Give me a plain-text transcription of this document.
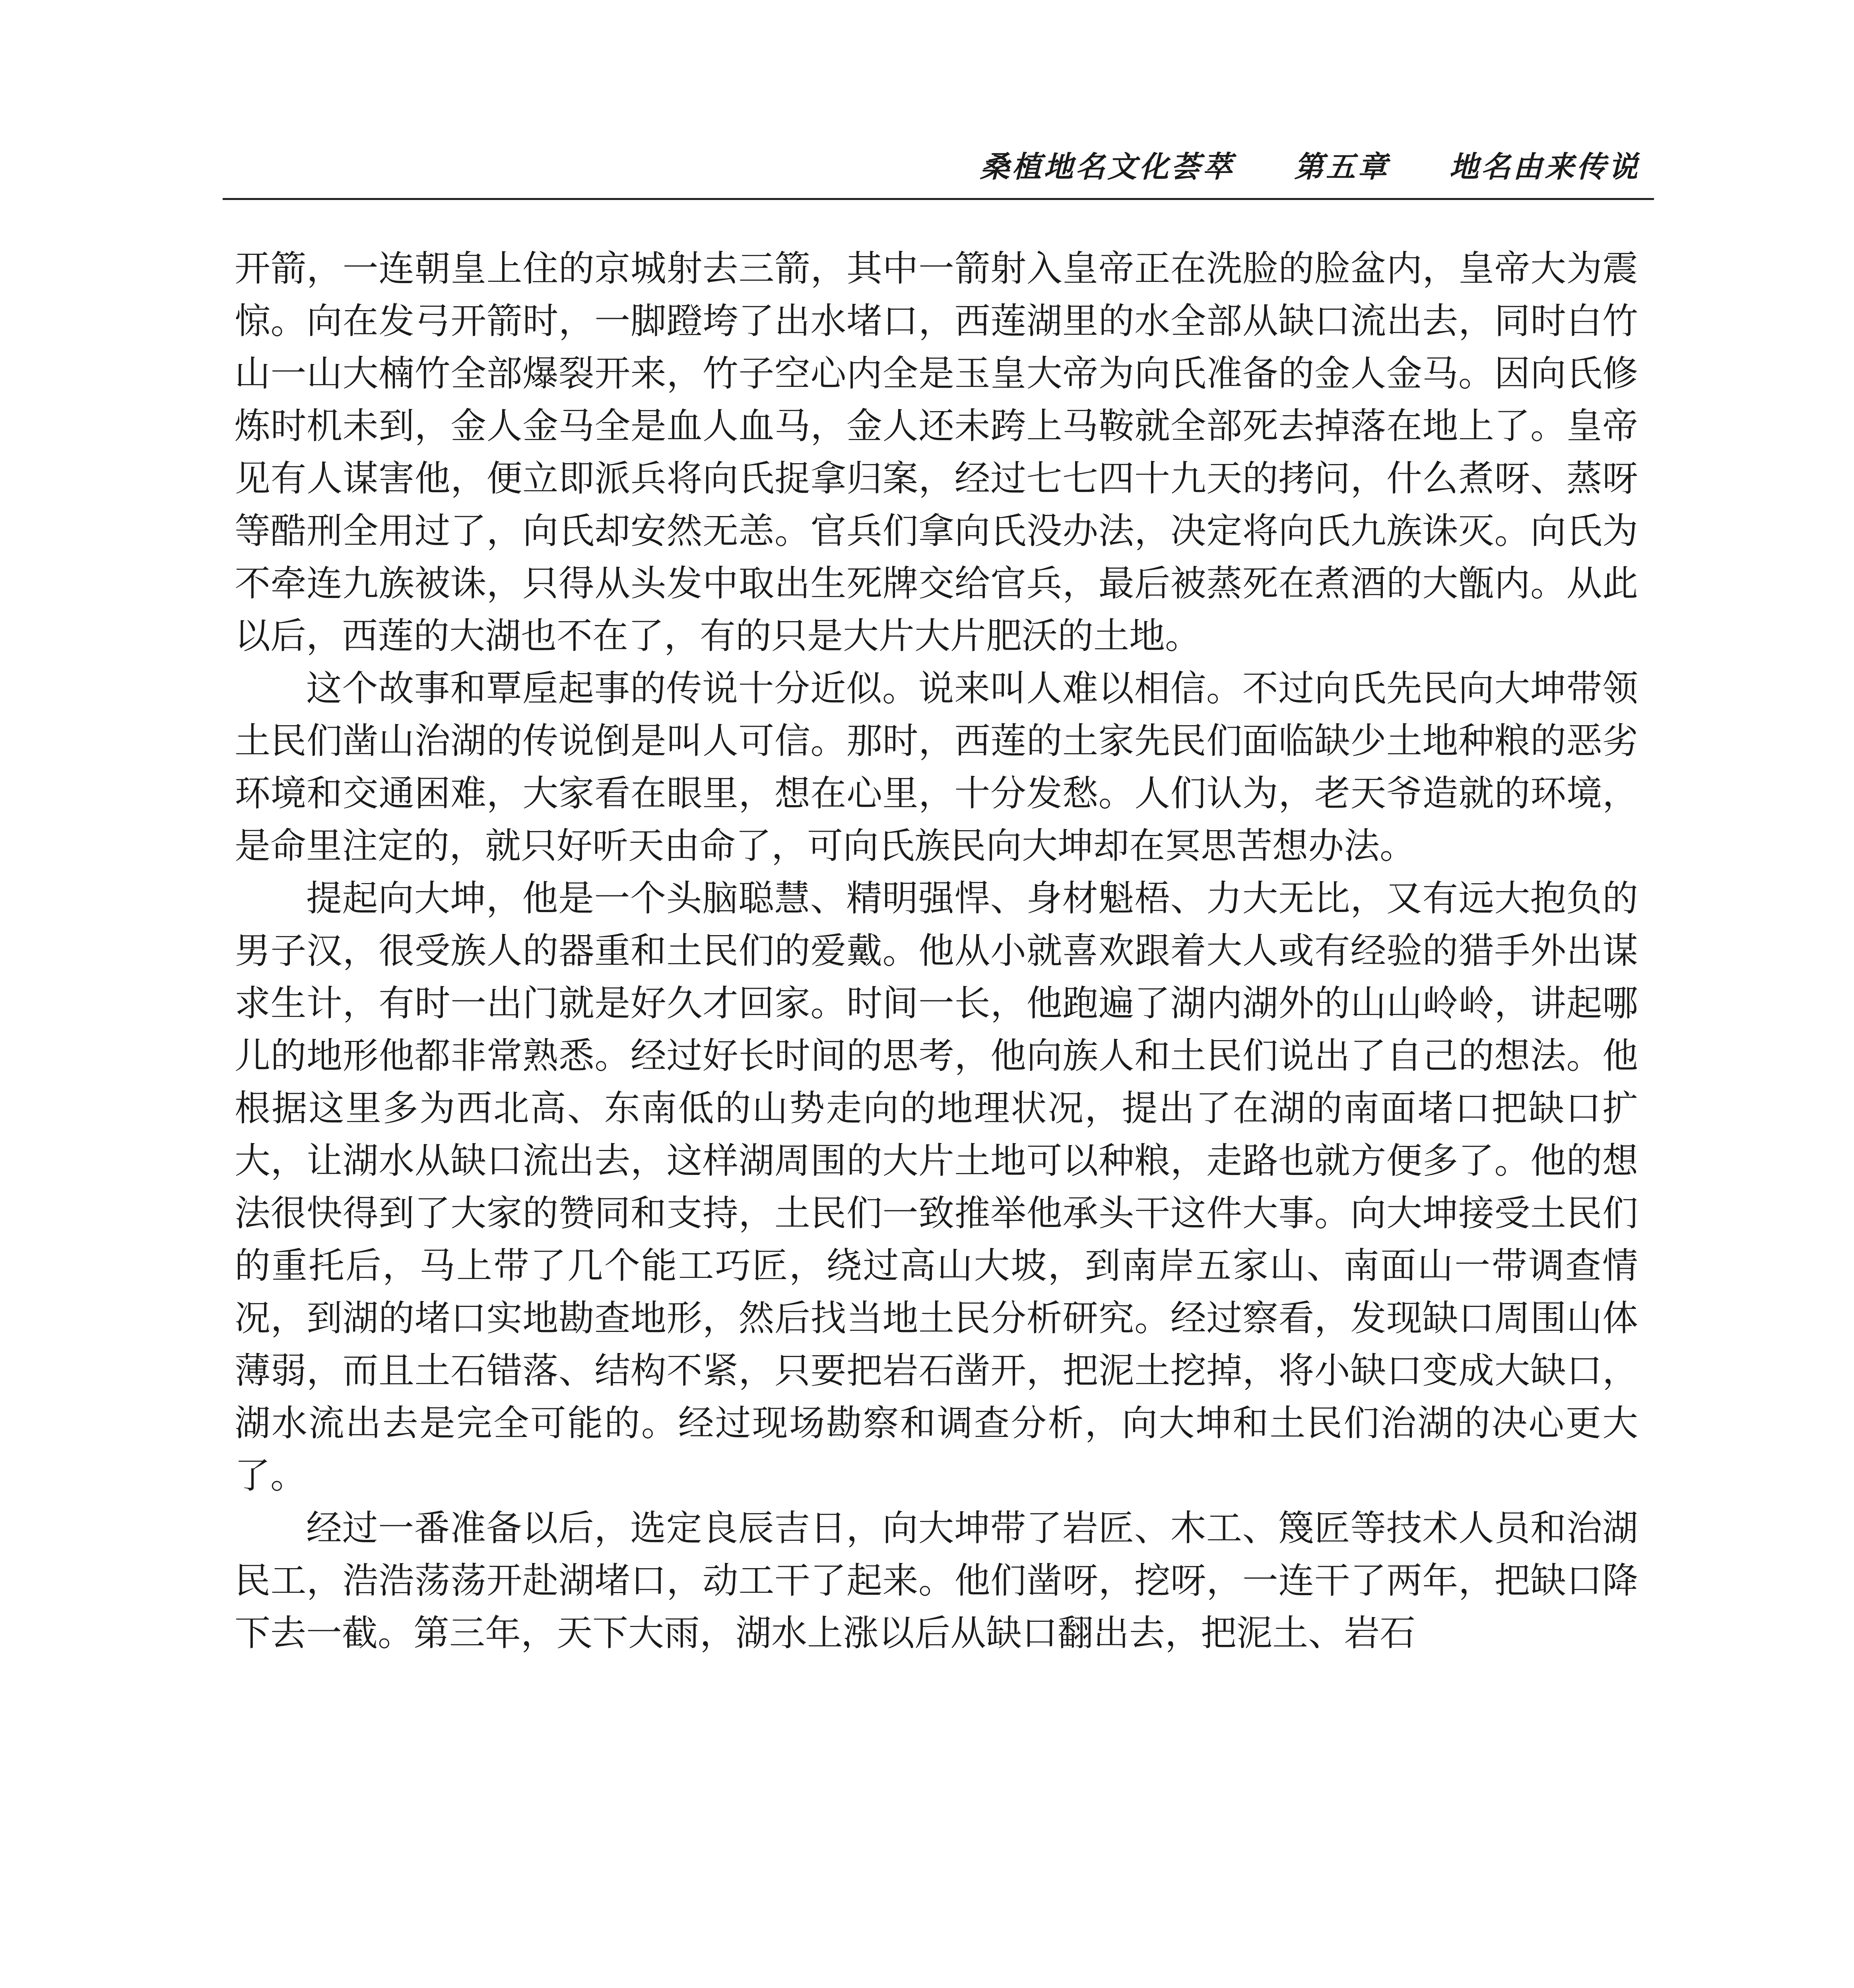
桑植地名文化荟萃 第五章 地名由来传说

开箭，一连朝皇上住的京城射去三箭，其中一箭射入皇帝正在洗脸的脸盆内，皇帝大为震惊。向在发弓开箭时，一脚蹬垮了出水堵口，西莲湖里的水全部从缺口流出去，同时白竹山一山大楠竹全部爆裂开来，竹子空心内全是玉皇大帝为向氏准备的金人金马。因向氏修炼时机未到，金人金马全是血人血马，金人还未跨上马鞍就全部死去掉落在地上了。皇帝见有人谋害他，便立即派兵将向氏捉拿归案，经过七七四十九天的拷问，什么煮呀、蒸呀等酷刑全用过了，向氏却安然无恙。官兵们拿向氏没办法，决定将向氏九族诛灭。向氏为不牵连九族被诛，只得从头发中取出生死牌交给官兵，最后被蒸死在煮酒的大甑内。从此以后，西莲的大湖也不在了，有的只是大片大片肥沃的土地。

这个故事和覃垕起事的传说十分近似。说来叫人难以相信。不过向氏先民向大坤带领土民们凿山治湖的传说倒是叫人可信。那时，西莲的土家先民们面临缺少土地种粮的恶劣环境和交通困难，大家看在眼里，想在心里，十分发愁。人们认为，老天爷造就的环境，是命里注定的，就只好听天由命了，可向氏族民向大坤却在冥思苦想办法。

提起向大坤，他是一个头脑聪慧、精明强悍、身材魁梧、力大无比，又有远大抱负的男子汉，很受族人的器重和土民们的爱戴。他从小就喜欢跟着大人或有经验的猎手外出谋求生计，有时一出门就是好久才回家。时间一长，他跑遍了湖内湖外的山山岭岭，讲起哪儿的地形他都非常熟悉。经过好长时间的思考，他向族人和土民们说出了自己的想法。他根据这里多为西北高、东南低的山势走向的地理状况，提出了在湖的南面堵口把缺口扩大，让湖水从缺口流出去，这样湖周围的大片土地可以种粮，走路也就方便多了。他的想法很快得到了大家的赞同和支持，土民们一致推举他承头干这件大事。向大坤接受土民们的重托后，马上带了几个能工巧匠，绕过高山大坡，到南岸五家山、南面山一带调查情况，到湖的堵口实地勘查地形，然后找当地土民分析研究。经过察看，发现缺口周围山体薄弱，而且土石错落、结构不紧，只要把岩石凿开，把泥土挖掉，将小缺口变成大缺口，湖水流出去是完全可能的。经过现场勘察和调查分析，向大坤和土民们治湖的决心更大了。

经过一番准备以后，选定良辰吉日，向大坤带了岩匠、木工、篾匠等技术人员和治湖民工，浩浩荡荡开赴湖堵口，动工干了起来。他们凿呀，挖呀，一连干了两年，把缺口降下去一截。第三年，天下大雨，湖水上涨以后从缺口翻出去，把泥土、岩石
